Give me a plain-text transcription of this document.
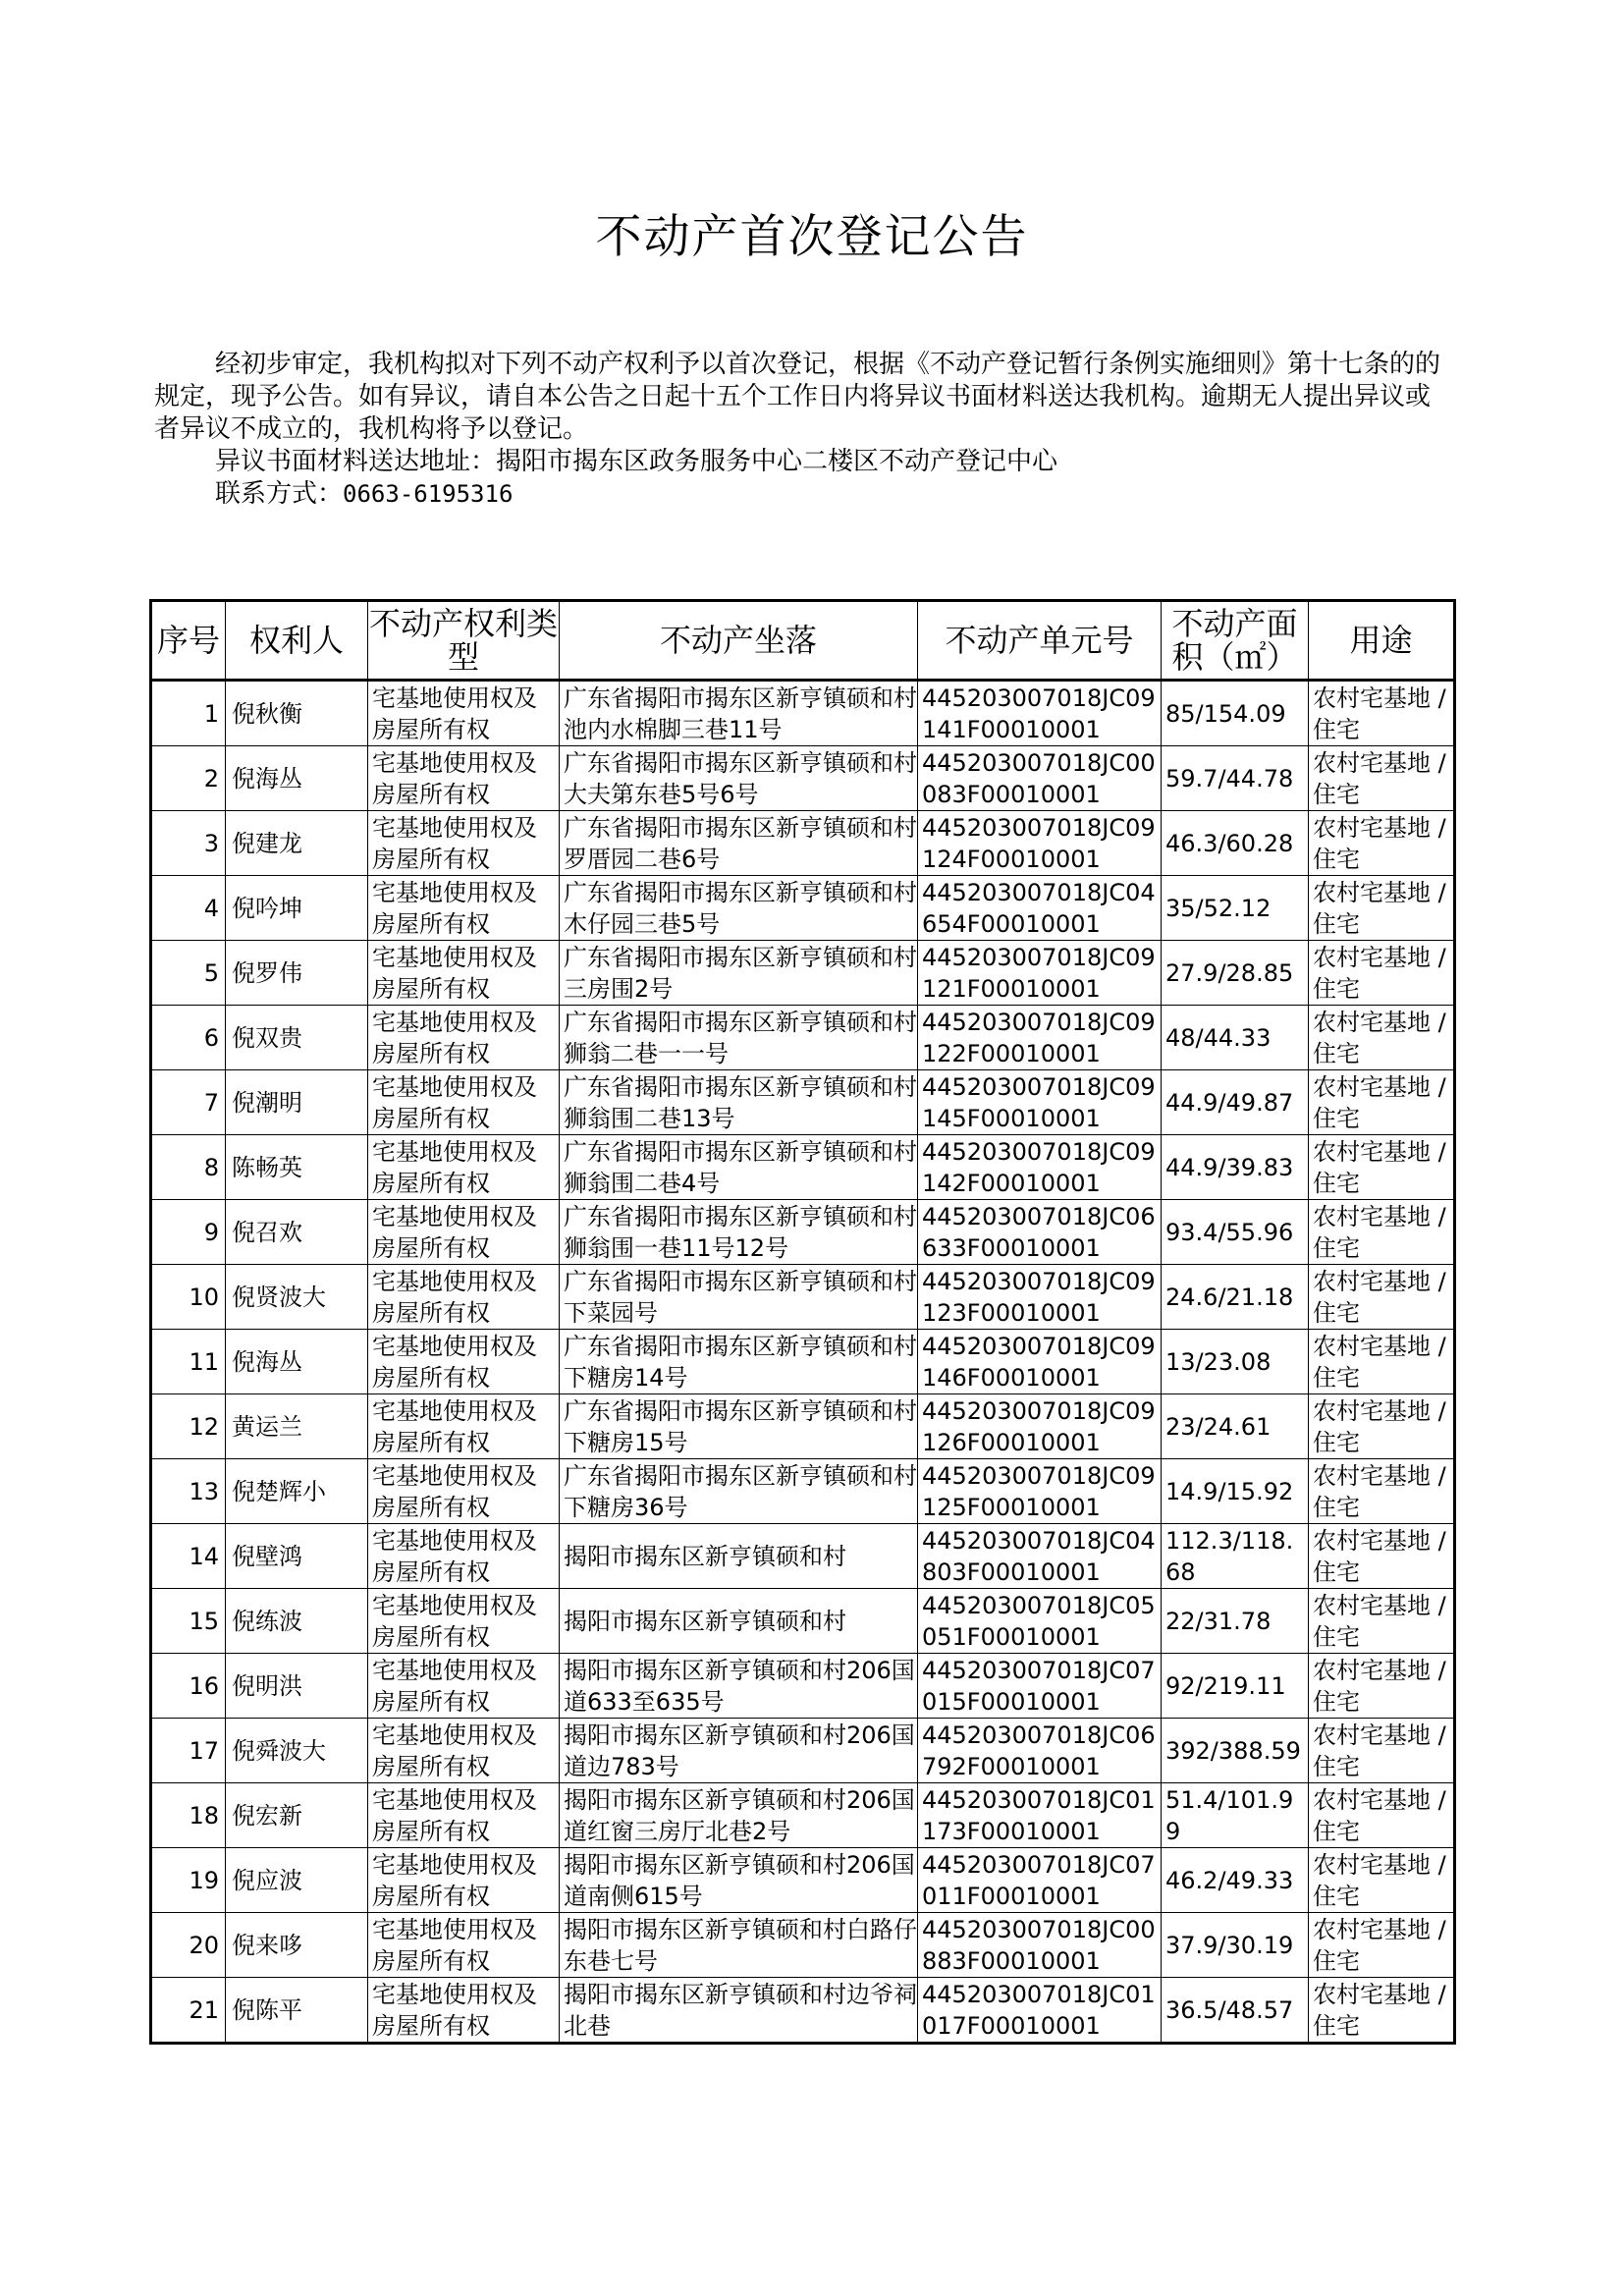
不动产首次登记公告

经初步审定，我机构拟对下列不动产权利予以首次登记，根据《不动产登记暂行条例实施细则》第十七条的的规定，现予公告。如有异议，请自本公告之日起十五个工作日内将异议书面材料送达我机构。逾期无人提出异议或者异议不成立的，我机构将予以登记。

异议书面材料送达地址：揭阳市揭东区政务服务中心二楼区不动产登记中心

联系方式：0663-6195316

序号	权利人	不动产权利类型	不动产坐落	不动产单元号	不动产面积（㎡）	用途
1	倪秋衡	宅基地使用权及房屋所有权	广东省揭阳市揭东区新亨镇硕和村池内水棉脚三巷11号	445203007018JC09141F00010001	85/154.09	农村宅基地 / 住宅
2	倪海丛	宅基地使用权及房屋所有权	广东省揭阳市揭东区新亨镇硕和村大夫第东巷5号6号	445203007018JC00083F00010001	59.7/44.78	农村宅基地 / 住宅
3	倪建龙	宅基地使用权及房屋所有权	广东省揭阳市揭东区新亨镇硕和村罗厝园二巷6号	445203007018JC09124F00010001	46.3/60.28	农村宅基地 / 住宅
4	倪吟坤	宅基地使用权及房屋所有权	广东省揭阳市揭东区新亨镇硕和村木仔园三巷5号	445203007018JC04654F00010001	35/52.12	农村宅基地 / 住宅
5	倪罗伟	宅基地使用权及房屋所有权	广东省揭阳市揭东区新亨镇硕和村三房围2号	445203007018JC09121F00010001	27.9/28.85	农村宅基地 / 住宅
6	倪双贵	宅基地使用权及房屋所有权	广东省揭阳市揭东区新亨镇硕和村狮翁二巷一一号	445203007018JC09122F00010001	48/44.33	农村宅基地 / 住宅
7	倪潮明	宅基地使用权及房屋所有权	广东省揭阳市揭东区新亨镇硕和村狮翁围二巷13号	445203007018JC09145F00010001	44.9/49.87	农村宅基地 / 住宅
8	陈畅英	宅基地使用权及房屋所有权	广东省揭阳市揭东区新亨镇硕和村狮翁围二巷4号	445203007018JC09142F00010001	44.9/39.83	农村宅基地 / 住宅
9	倪召欢	宅基地使用权及房屋所有权	广东省揭阳市揭东区新亨镇硕和村狮翁围一巷11号12号	445203007018JC06633F00010001	93.4/55.96	农村宅基地 / 住宅
10	倪贤波大	宅基地使用权及房屋所有权	广东省揭阳市揭东区新亨镇硕和村下菜园号	445203007018JC09123F00010001	24.6/21.18	农村宅基地 / 住宅
11	倪海丛	宅基地使用权及房屋所有权	广东省揭阳市揭东区新亨镇硕和村下糖房14号	445203007018JC09146F00010001	13/23.08	农村宅基地 / 住宅
12	黄运兰	宅基地使用权及房屋所有权	广东省揭阳市揭东区新亨镇硕和村下糖房15号	445203007018JC09126F00010001	23/24.61	农村宅基地 / 住宅
13	倪楚辉小	宅基地使用权及房屋所有权	广东省揭阳市揭东区新亨镇硕和村下糖房36号	445203007018JC09125F00010001	14.9/15.92	农村宅基地 / 住宅
14	倪壁鸿	宅基地使用权及房屋所有权	揭阳市揭东区新亨镇硕和村	445203007018JC04803F00010001	112.3/118.68	农村宅基地 / 住宅
15	倪练波	宅基地使用权及房屋所有权	揭阳市揭东区新亨镇硕和村	445203007018JC05051F00010001	22/31.78	农村宅基地 / 住宅
16	倪明洪	宅基地使用权及房屋所有权	揭阳市揭东区新亨镇硕和村206国道633至635号	445203007018JC07015F00010001	92/219.11	农村宅基地 / 住宅
17	倪舜波大	宅基地使用权及房屋所有权	揭阳市揭东区新亨镇硕和村206国道边783号	445203007018JC06792F00010001	392/388.59	农村宅基地 / 住宅
18	倪宏新	宅基地使用权及房屋所有权	揭阳市揭东区新亨镇硕和村206国道红窗三房厅北巷2号	445203007018JC01173F00010001	51.4/101.99	农村宅基地 / 住宅
19	倪应波	宅基地使用权及房屋所有权	揭阳市揭东区新亨镇硕和村206国道南侧615号	445203007018JC07011F00010001	46.2/49.33	农村宅基地 / 住宅
20	倪来哆	宅基地使用权及房屋所有权	揭阳市揭东区新亨镇硕和村白路仔东巷七号	445203007018JC00883F00010001	37.9/30.19	农村宅基地 / 住宅
21	倪陈平	宅基地使用权及房屋所有权	揭阳市揭东区新亨镇硕和村边爷祠北巷	445203007018JC01017F00010001	36.5/48.57	农村宅基地 / 住宅
